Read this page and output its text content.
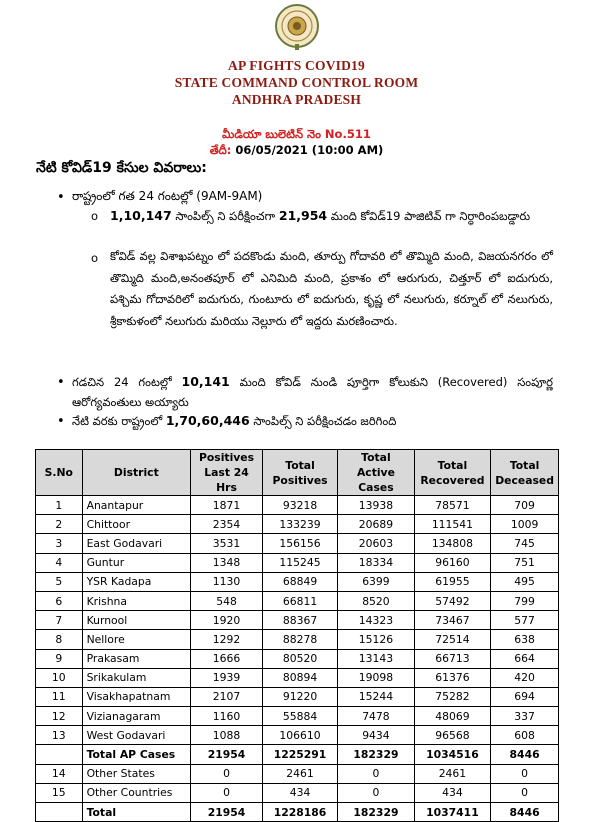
AP FIGHTS COVID19
STATE COMMAND CONTROL ROOM
ANDHRA PRADESH
మీడియా బులెటిన్ నెం No.511
తేదీ: 06/05/2021 (10:00 AM)
నేటి కోవిడ్19 కేసుల వివరాలు:
• రాష్ట్రంలో గత 24 గంటల్లో (9AM-9AM)
o 1,10,147 సాంపిల్స్ ని పరీక్షించగా 21,954 మంది కోవిడ్19 పాజిటివ్ గా నిర్ధారింపబడ్డారు
o కోవిడ్ వల్ల విశాఖపట్నం లో పదకొండు మంది, తూర్పు గోదావరి లో తొమ్మిది మంది, విజయనగరం లో తొమ్మిది మంది,అనంతపూర్ లో ఎనిమిది మంది, ప్రకాశం లో ఆరుగురు, చిత్తూర్ లో ఐదుగురు, పశ్చిమ గోదావరిలో ఐదుగురు, గుంటూరు లో ఐదుగురు, కృష్ణ లో నలుగురు, కర్నూల్ లో నలుగురు, శ్రీకాకుళంలో నలుగురు మరియు నెల్లూరు లో ఇద్దరు మరణించారు.
• గడచిన 24 గంటల్లో 10,141 మంది కోవిడ్ నుండి పూర్తిగా కోలుకుని (Recovered) సంపూర్ణ ఆరోగ్యవంతులు అయ్యారు
• నేటి వరకు రాష్ట్రంలో 1,70,60,446 సాంపిల్స్ ని పరీక్షించడం జరిగింది
S.No	District	Positives Last 24 Hrs	Total Positives	Total Active Cases	Total Recovered	Total Deceased
1	Anantapur	1871	93218	13938	78571	709
2	Chittoor	2354	133239	20689	111541	1009
3	East Godavari	3531	156156	20603	134808	745
4	Guntur	1348	115245	18334	96160	751
5	YSR Kadapa	1130	68849	6399	61955	495
6	Krishna	548	66811	8520	57492	799
7	Kurnool	1920	88367	14323	73467	577
8	Nellore	1292	88278	15126	72514	638
9	Prakasam	1666	80520	13143	66713	664
10	Srikakulam	1939	80894	19098	61376	420
11	Visakhapatnam	2107	91220	15244	75282	694
12	Vizianagaram	1160	55884	7478	48069	337
13	West Godavari	1088	106610	9434	96568	608
	Total AP Cases	21954	1225291	182329	1034516	8446
14	Other States	0	2461	0	2461	0
15	Other Countries	0	434	0	434	0
	Total	21954	1228186	182329	1037411	8446
